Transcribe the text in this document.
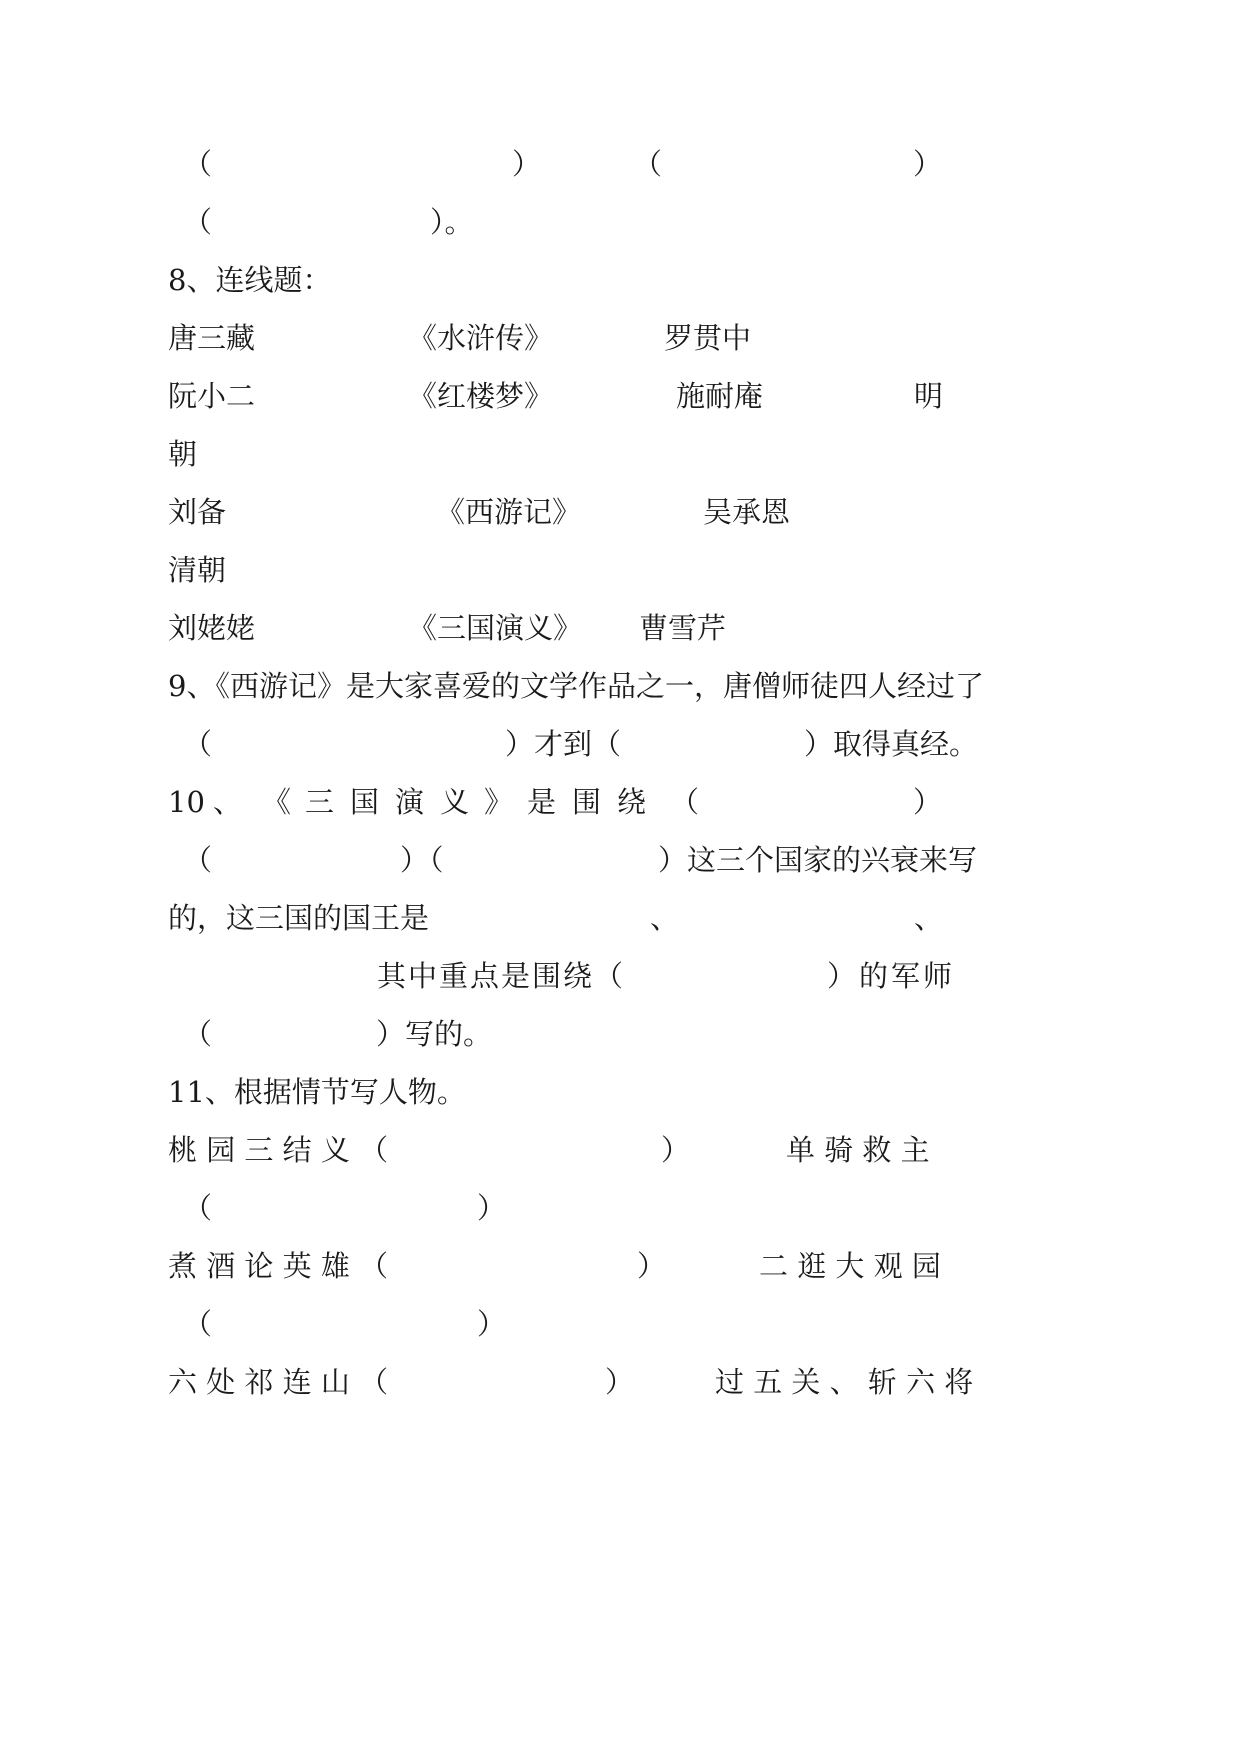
（	）	（	）
（	）。
8、连线题：
唐三藏	《水浒传》	罗贯中
阮小二	《红楼梦》	施耐庵	明
朝
刘备	《西游记》	吴承恩
清朝
刘姥姥	《三国演义》 曹雪芹
9、《西游记》是大家喜爱的文学作品之一，唐僧师徒四人经过了
（	）才到（	）取得真经。
10 、 《 三 国 演 义 》 是 围 绕 （	）
（	）（	）这三个国家的兴衰来写
的，这三国的国王是	、	、
其中重点是围绕（	）的军师
（	）写的。
11、根据情节写人物。
桃 园 三 结 义 （	）	单 骑 救 主
（	）
煮 酒 论 英 雄 （	）	二 逛 大 观 园
（	）
六 处 祁 连 山 （	）	过 五 关 、 斩 六 将
